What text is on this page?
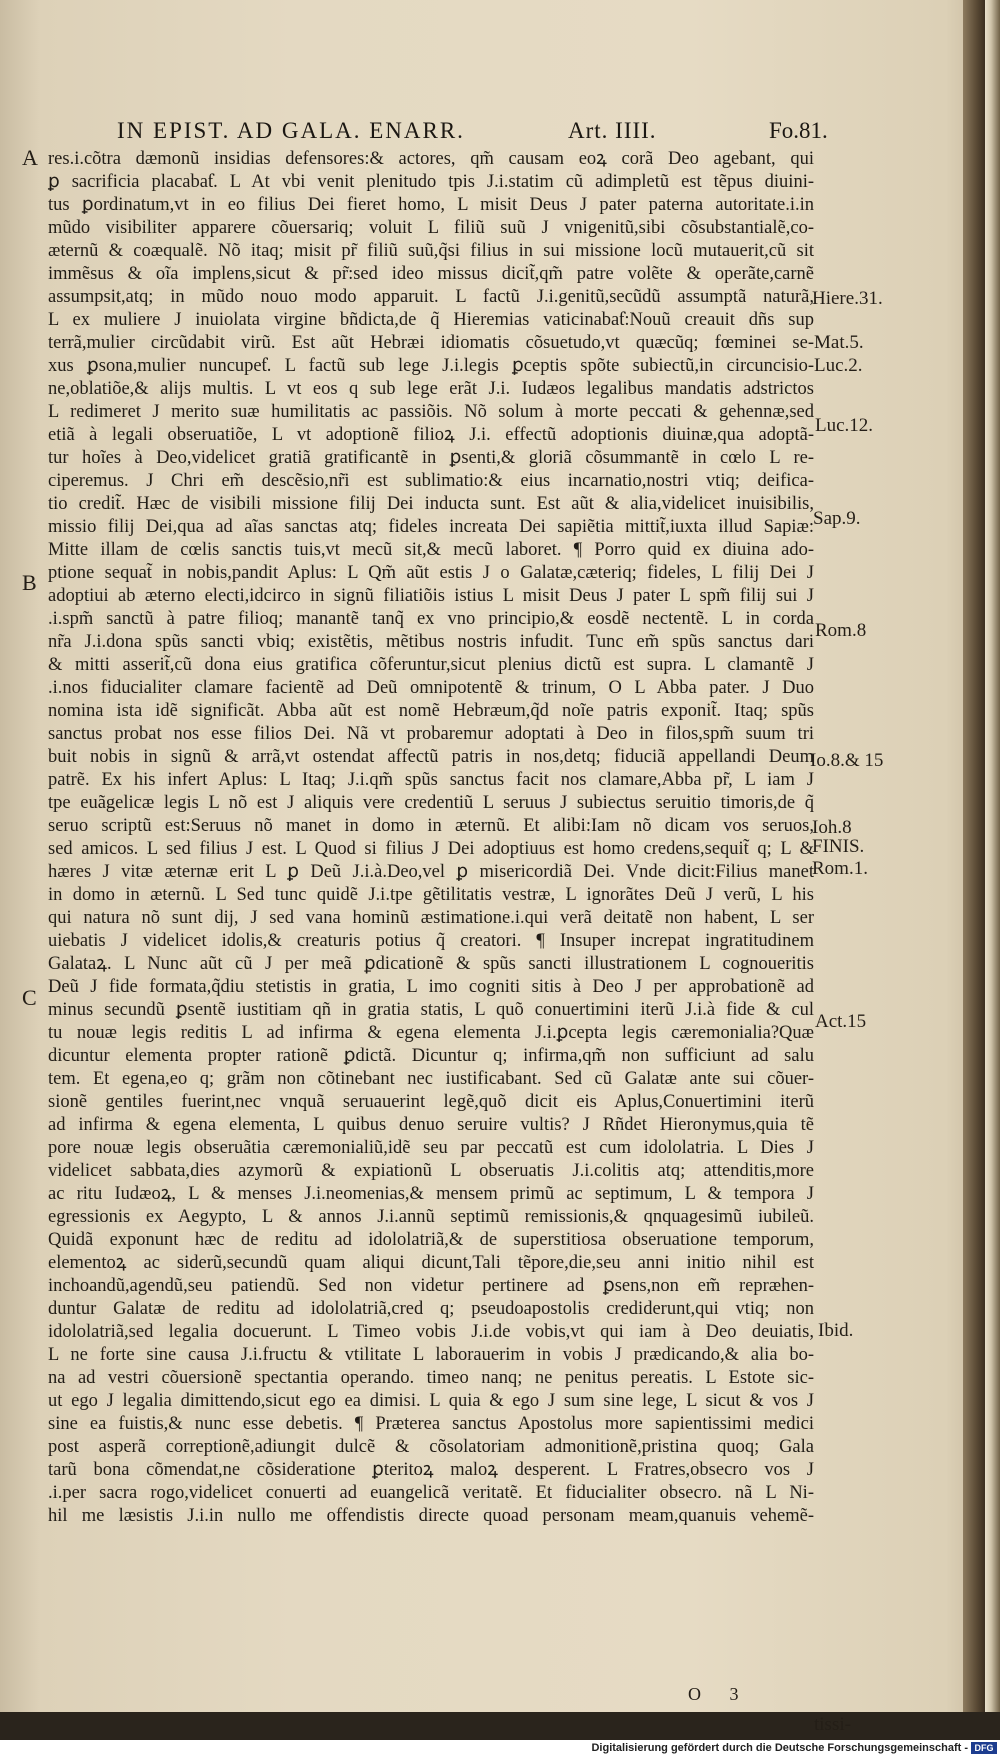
IN EPIST. AD GALA. ENARR.	Art. IIII.	Fo.81.
A
B
C
res.i.cõtra dæmonũ insidias defensores:& actores, qm̃ causam eoꝝ corã Deo agebant, qui
ꝑ sacrificia placabaƭ. L At vbi venit plenitudo tpis J.i.statim cũ adimpletũ est tẽpus diuini-
tus ꝑordinatum,vt in eo filius Dei fieret homo, L misit Deus J pater paterna autoritate.i.in
mũdo visibiliter apparere cõuersariq; voluit L filiũ suũ J vnigenitũ,sibi cõsubstantialẽ,co-
æternũ & coæqualẽ. Nõ itaq; misit pr̃ filiũ suũ,q̃si filius in sui missione locũ mutauerit,cũ sit
immẽsus & oĩa implens,sicut & pr̃:sed ideo missus dicit̃,qm̃ patre volẽte & operãte,carnẽ
assumpsit,atq; in mũdo nouo modo apparuit. L factũ J.i.genitũ,secũdũ assumptã naturã,
L ex muliere J inuiolata virgine bñdicta,de q̃ Hieremias vaticinabaƭ:Nouũ creauit dñs sup
terrã,mulier circũdabit virũ. Est aũt Hebræi idiomatis cõsuetudo,vt quæcũq; fœminei se-
xus ꝑsona,mulier nuncupeƭ. L factũ sub lege J.i.legis ꝑceptis spõte subiectũ,in circuncisio-
ne,oblatiõe,& alijs multis. L vt eos q sub lege erãt J.i. Iudæos legalibus mandatis adstrictos
L redimeret J merito suæ humilitatis ac passiõis. Nõ solum à morte peccati & gehennæ,sed
etiã à legali obseruatiõe, L vt adoptionẽ filioꝝ J.i. effectũ adoptionis diuinæ,qua adoptã-
tur hoĩes à Deo,videlicet gratiã gratificantẽ in ꝑsenti,& gloriã cõsummantẽ in cœlo L re-
ciperemus. J Chri em̃ descẽsio,nr̃i est sublimatio:& eius incarnatio,nostri vtiq; deifica-
tio credit̃. Hæc de visibili missione filij Dei inducta sunt. Est aũt & alia,videlicet inuisibilis,
missio filij Dei,qua ad aĩas sanctas atq; fideles increata Dei sapiẽtia mittit̃,iuxta illud Sapiæ:
Mitte illam de cœlis sanctis tuis,vt mecũ sit,& mecũ laboret. ¶ Porro quid ex diuina ado-
ptione sequat̃ in nobis,pandit Aplus: L Qm̃ aũt estis J o Galatæ,cæteriq; fideles, L filij Dei J
adoptiui ab æterno electi,idcirco in signũ filiatiõis istius L misit Deus J pater L spm̃ filij sui J
.i.spm̃ sanctũ à patre filioq; manantẽ tanq̃ ex vno principio,& eosdẽ nectentẽ. L in corda
nr̃a J.i.dona spũs sancti vbiq; existẽtis, mẽtibus nostris infudit. Tunc em̃ spũs sanctus dari
& mitti asserit̃,cũ dona eius gratifica cõferuntur,sicut plenius dictũ est supra. L clamantẽ J
.i.nos fiducialiter clamare facientẽ ad Deũ omnipotentẽ & trinum, O L Abba pater. J Duo
nomina ista idẽ significãt. Abba aũt est nomẽ Hebræum,q̃d noĩe patris exponit̃. Itaq; spũs
sanctus probat nos esse filios Dei. Nã vt probaremur adoptati à Deo in filos,spm̃ suum tri
buit nobis in signũ & arrã,vt ostendat affectũ patris in nos,detq; fiduciã appellandi Deum
patrẽ. Ex his infert Aplus: L Itaq; J.i.qm̃ spũs sanctus facit nos clamare,Abba pr̃, L iam J
tpe euãgelicæ legis L nõ est J aliquis vere credentiũ L seruus J subiectus seruitio timoris,de q̃
seruo scriptũ est:Seruus nõ manet in domo in æternũ. Et alibi:Iam nõ dicam vos seruos,
sed amicos. L sed filius J est. L Quod si filius J Dei adoptiuus est homo credens,sequit̃ q; L &
hæres J vitæ æternæ erit L ꝑ Deũ J.i.à.Deo,vel ꝑ misericordiã Dei. Vnde dicit:Filius manet
in domo in æternũ. L Sed tunc quidẽ J.i.tpe gẽtilitatis vestræ, L ignorãtes Deũ J verũ, L his
qui natura nõ sunt dij, J sed vana hominũ æstimatione.i.qui verã deitatẽ non habent, L ser
uiebatis J videlicet idolis,& creaturis potius q̃ creatori. ¶ Insuper increpat ingratitudinem
Galataꝝ. L Nunc aũt cũ J per meã ꝑdicationẽ & spũs sancti illustrationem L cognoueritis
Deũ J fide formata,q̃diu stetistis in gratia, L imo cogniti sitis à Deo J per approbationẽ ad
minus secundũ ꝑsentẽ iustitiam qñ in gratia statis, L quõ conuertimini iterũ J.i.à fide & cul
tu nouæ legis reditis L ad infirma & egena elementa J.i.ꝑcepta legis cæremonialia?Quæ
dicuntur elementa propter rationẽ ꝑdictã. Dicuntur q; infirma,qm̃ non sufficiunt ad salu
tem. Et egena,eo q; grãm non cõtinebant nec iustificabant. Sed cũ Galatæ ante sui cõuer-
sionẽ gentiles fuerint,nec vnquã seruauerint legẽ,quõ dicit eis Aplus,Conuertimini iterũ
ad infirma & egena elementa, L quibus denuo seruire vultis? J Rñdet Hieronymus,quia tẽ
pore nouæ legis obseruãtia cæremonialiũ,idẽ seu par peccatũ est cum idololatria. L Dies J
videlicet sabbata,dies azymorũ & expiationũ L obseruatis J.i.colitis atq; attenditis,more
ac ritu Iudæoꝝ, L & menses J.i.neomenias,& mensem primũ ac septimum, L & tempora J
egressionis ex Aegypto, L & annos J.i.annũ septimũ remissionis,& qnquagesimũ iubileũ.
Quidã exponunt hæc de reditu ad idololatriã,& de superstitiosa obseruatione temporum,
elementoꝝ ac siderũ,secundũ quam aliqui dicunt,Tali tẽpore,die,seu anni initio nihil est
inchoandũ,agendũ,seu patiendũ. Sed non videtur pertinere ad ꝑsens,non em̃ repræhen-
duntur Galatæ de reditu ad idololatriã,cred q; pseudoapostolis crediderunt,qui vtiq; non
idololatriã,sed legalia docuerunt. L Timeo vobis J.i.de vobis,vt qui iam à Deo deuiatis,
L ne forte sine causa J.i.fructu & vtilitate L laborauerim in vobis J prædicando,& alia bo-
na ad vestri cõuersionẽ spectantia operando. timeo nanq; ne penitus pereatis. L Estote sic-
ut ego J legalia dimittendo,sicut ego ea dimisi. L quia & ego J sum sine lege, L sicut & vos J
sine ea fuistis,& nunc esse debetis. ¶ Præterea sanctus Apostolus more sapientissimi medici
post asperã correptionẽ,adiungit dulcẽ & cõsolatoriam admonitionẽ,pristina quoq; Gala
tarũ bona cõmendat,ne cõsideratione ꝑteritoꝝ maloꝝ desperent. L Fratres,obsecro vos J
.i.per sacra rogo,videlicet conuerti ad euangelicã veritatẽ. Et fiducialiter obsecro. nã L Ni-
hil me læsistis J.i.in nullo me offendistis directe quoad personam meam,quanuis vehemẽ-
tissi-
O 3
Hiere.31.
Mat.5.
Luc.2.
Luc.12.
Sap.9.
Rom.8
Io.8.& 15
Ioh.8
FINIS.
Rom.1.
Act.15
Ibid.
Digitalisierung gefördert durch die Deutsche Forschungsgemeinschaft - DFG
